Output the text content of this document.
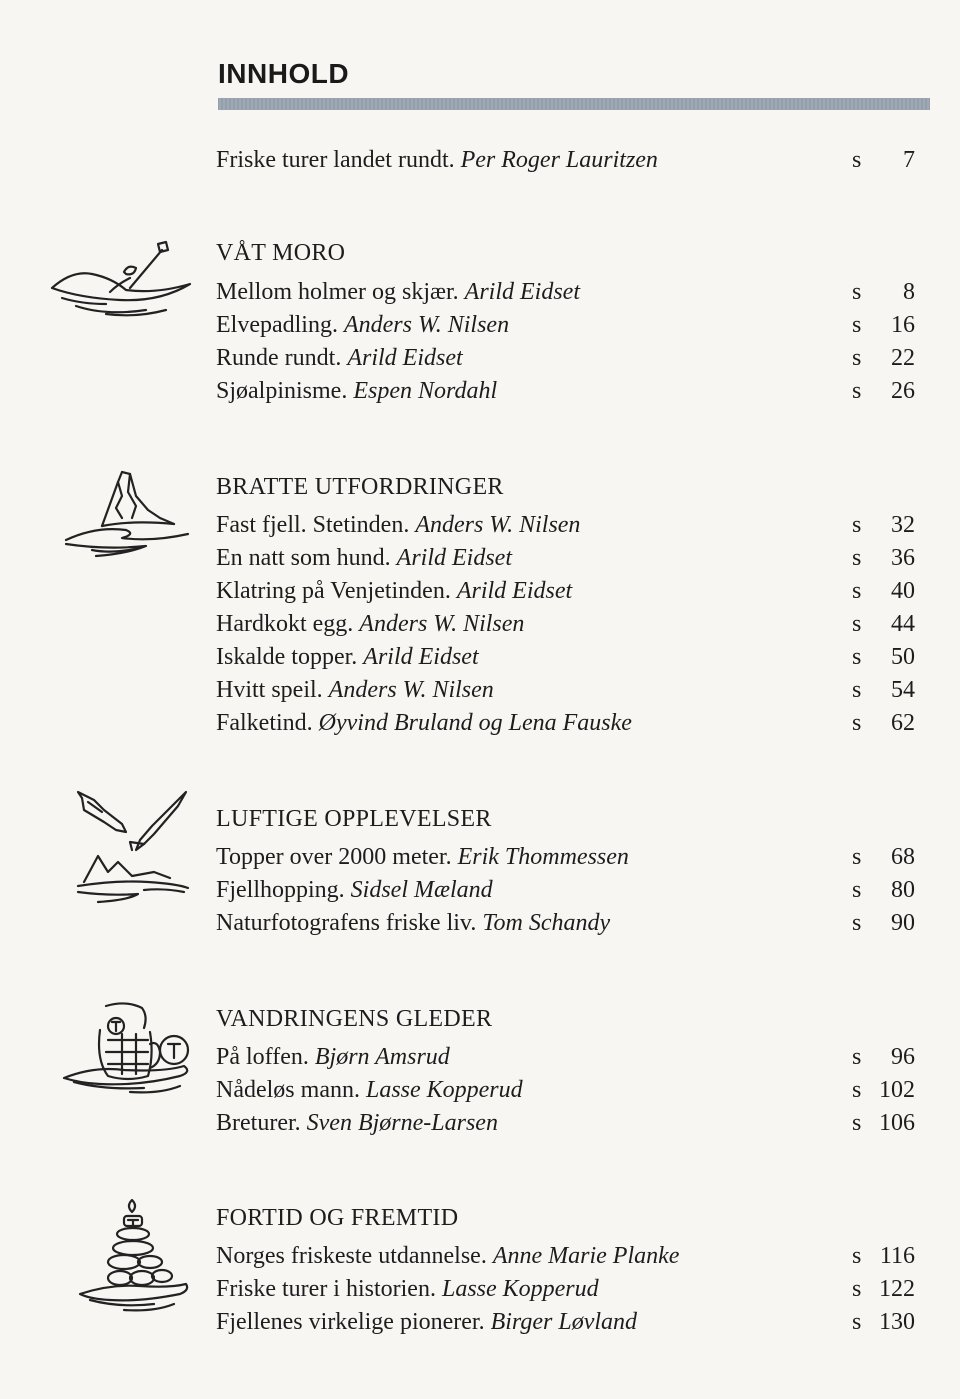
INNHOLD
Friske turer landet rundt. Per Roger Lauritzen	s 7
VÅT MORO
Mellom holmer og skjær. Arild Eidset	s 8
Elvepadling. Anders W. Nilsen	s 16
Runde rundt. Arild Eidset	s 22
Sjøalpinisme. Espen Nordahl	s 26
BRATTE UTFORDRINGER
Fast fjell. Stetinden. Anders W. Nilsen	s 32
En natt som hund. Arild Eidset	s 36
Klatring på Venjetinden. Arild Eidset	s 40
Hardkokt egg. Anders W. Nilsen	s 44
Iskalde topper. Arild Eidset	s 50
Hvitt speil. Anders W. Nilsen	s 54
Falketind. Øyvind Bruland og Lena Fauske	s 62
LUFTIGE OPPLEVELSER
Topper over 2000 meter. Erik Thommessen	s 68
Fjellhopping. Sidsel Mæland	s 80
Naturfotografens friske liv. Tom Schandy	s 90
VANDRINGENS GLEDER
På loffen. Bjørn Amsrud	s 96
Nådeløs mann. Lasse Kopperud	s 102
Breturer. Sven Bjørne-Larsen	s 106
FORTID OG FREMTID
Norges friskeste utdannelse. Anne Marie Planke	s 116
Friske turer i historien. Lasse Kopperud	s 122
Fjellenes virkelige pionerer. Birger Løvland	s 130
